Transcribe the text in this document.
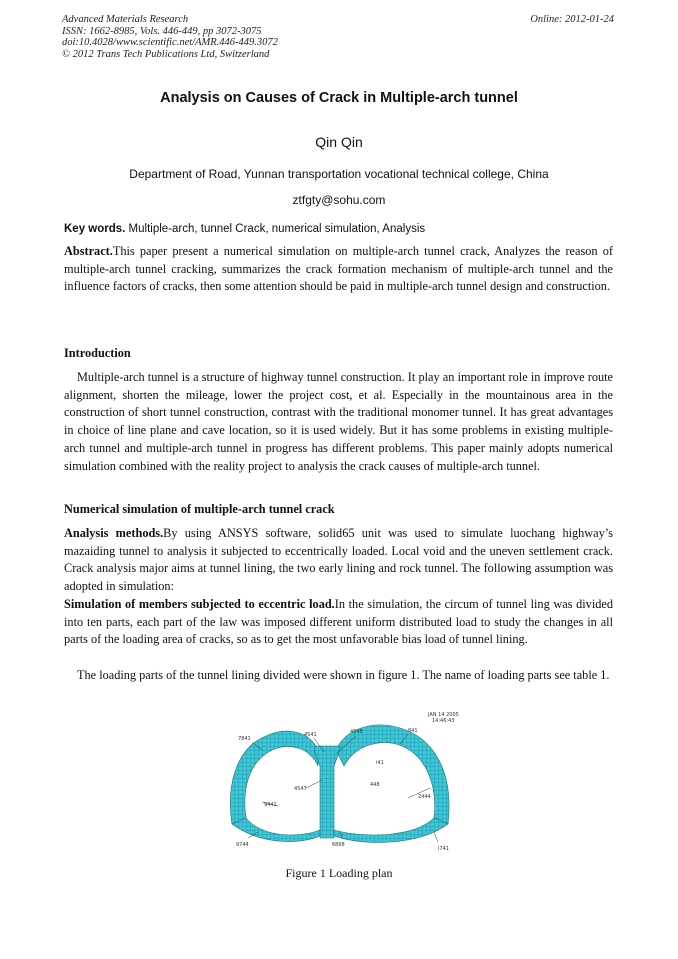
Advanced Materials Research
ISSN: 1662-8985, Vols. 446-449, pp 3072-3075
doi:10.4028/www.scientific.net/AMR.446-449.3072
© 2012 Trans Tech Publications Ltd, Switzerland
Online: 2012-01-24
Analysis on Causes of Crack in Multiple-arch tunnel
Qin Qin
Department of Road, Yunnan transportation vocational technical college, China
ztfgty@sohu.com
Key words. Multiple-arch, tunnel Crack, numerical simulation, Analysis
Abstract.This paper present a numerical simulation on multiple-arch tunnel crack, Analyzes the reason of multiple-arch tunnel cracking, summarizes the crack formation mechanism of multiple-arch tunnel and the influence factors of cracks, then some attention should be paid in multiple-arch tunnel design and construction.
Introduction
Multiple-arch tunnel is a structure of highway tunnel construction. It play an important role in improve route alignment, shorten the mileage, lower the project cost, et al. Especially in the mountainous area in the construction of short tunnel construction, contrast with the traditional monomer tunnel. It has great advantages in choice of line plane and cave location, so it is used widely. But it has some problems in existing multiple-arch tunnel and multiple-arch tunnel in progress has different problems. This paper mainly adopts numerical simulation combined with the reality project to analysis the crack causes of multiple-arch tunnel.
Numerical simulation of multiple-arch tunnel crack
Analysis methods.By using ANSYS software, solid65 unit was used to simulate luochang highway’s mazaiding tunnel to analysis it subjected to eccentrically loaded. Local void and the uneven settlement crack. Crack analysis major aims at tunnel lining, the two early lining and rock tunnel. The following assumption was adopted in simulation:
Simulation of members subjected to eccentric load.In the simulation, the circum of tunnel ling was divided into ten parts, each part of the law was imposed different uniform distributed load to study the changes in all parts of the loading area of cracks, so as to get the most unfavorable bias load of tunnel lining.
The loading parts of the tunnel lining divided were shown in figure 1. The name of loading parts see table 1.
JAN 14 2005
14:46:43
7841
4541	4545	841
i41
4547
448
9441
2444
9744	6868
l741
Figure 1 Loading plan
